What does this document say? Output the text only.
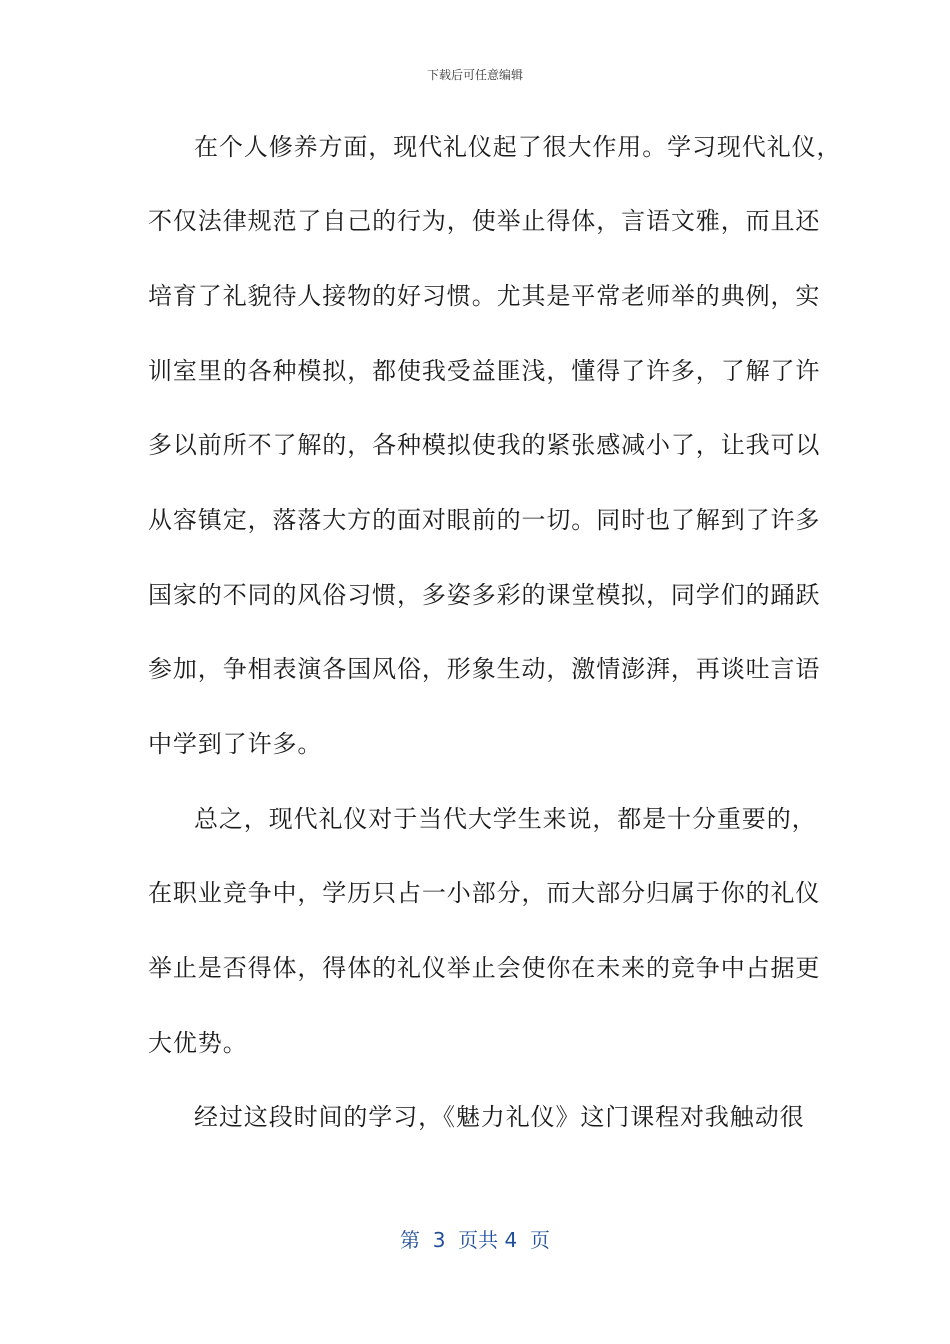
下载后可任意编辑
在个人修养方面，现代礼仪起了很大作用。学习现代礼仪，
不仅法律规范了自己的行为，使举止得体，言语文雅，而且还
培育了礼貌待人接物的好习惯。尤其是平常老师举的典例，实
训室里的各种模拟，都使我受益匪浅，懂得了许多，了解了许
多以前所不了解的，各种模拟使我的紧张感减小了，让我可以
从容镇定，落落大方的面对眼前的一切。同时也了解到了许多
国家的不同的风俗习惯，多姿多彩的课堂模拟，同学们的踊跃
参加，争相表演各国风俗，形象生动，激情澎湃，再谈吐言语
中学到了许多。
总之，现代礼仪对于当代大学生来说，都是十分重要的，
在职业竞争中，学历只占一小部分，而大部分归属于你的礼仪
举止是否得体，得体的礼仪举止会使你在未来的竞争中占据更
大优势。
经过这段时间的学习，《魅力礼仪》这门课程对我触动很
第  3  页共 4  页
